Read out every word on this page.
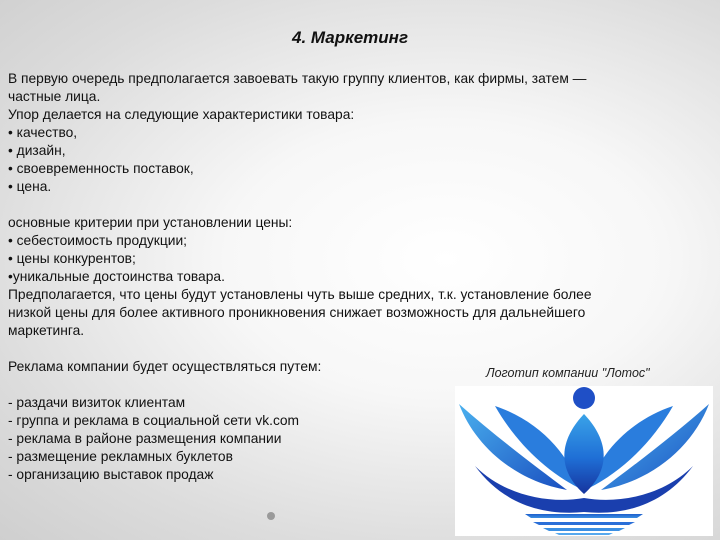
4. Маркетинг
В первую очередь предполагается завоевать такую группу клиентов, как фирмы, затем —
частные лица.
Упор делается на следующие характеристики товара:
• качество,
• дизайн,
• своевременность поставок,
• цена.
основные критерии при установлении цены:
• себестоимость продукции;
• цены конкурентов;
•уникальные достоинства товара.
Предполагается, что цены будут установлены чуть выше средних, т.к. установление более
низкой цены для более активного проникновения снижает возможность для дальнейшего
маркетинга.
Реклама компании будет осуществляться путем:
- раздачи визиток клиентам
- группа и реклама в социальной сети vk.com
- реклама в районе размещения компании
- размещение рекламных буклетов
- организацию выставок продаж
Логотип компании "Лотос"
